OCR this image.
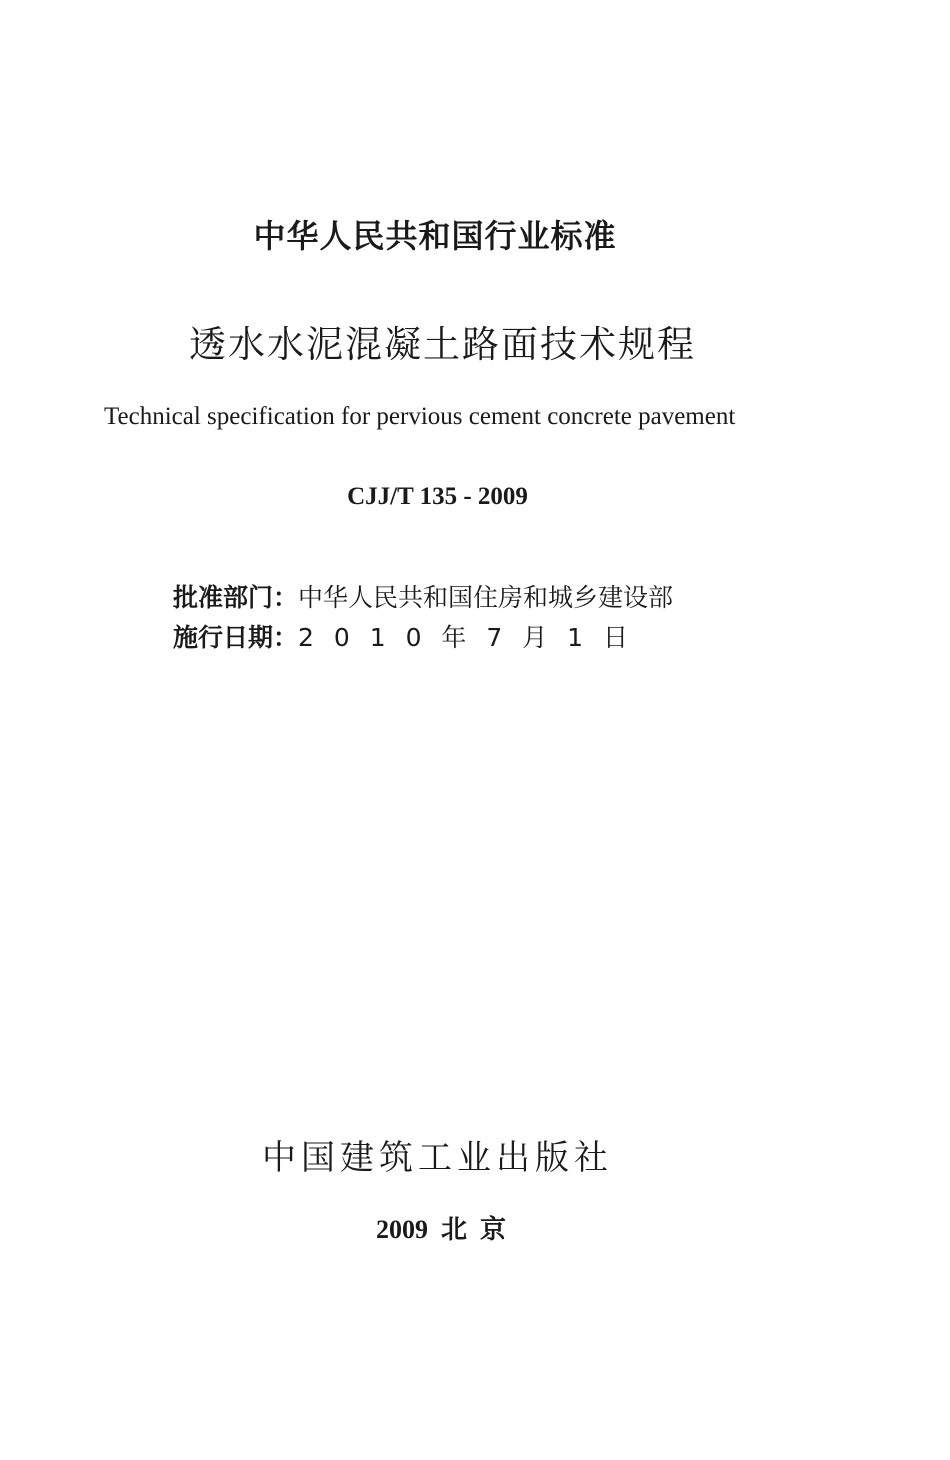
中华人民共和国行业标准
透水水泥混凝土路面技术规程
Technical specification for pervious cement concrete pavement
CJJ/T 135 - 2009
批准部门：中华人民共和国住房和城乡建设部
施行日期：2 0 1 0 年 7 月 1 日
中国建筑工业出版社
2009  北  京
